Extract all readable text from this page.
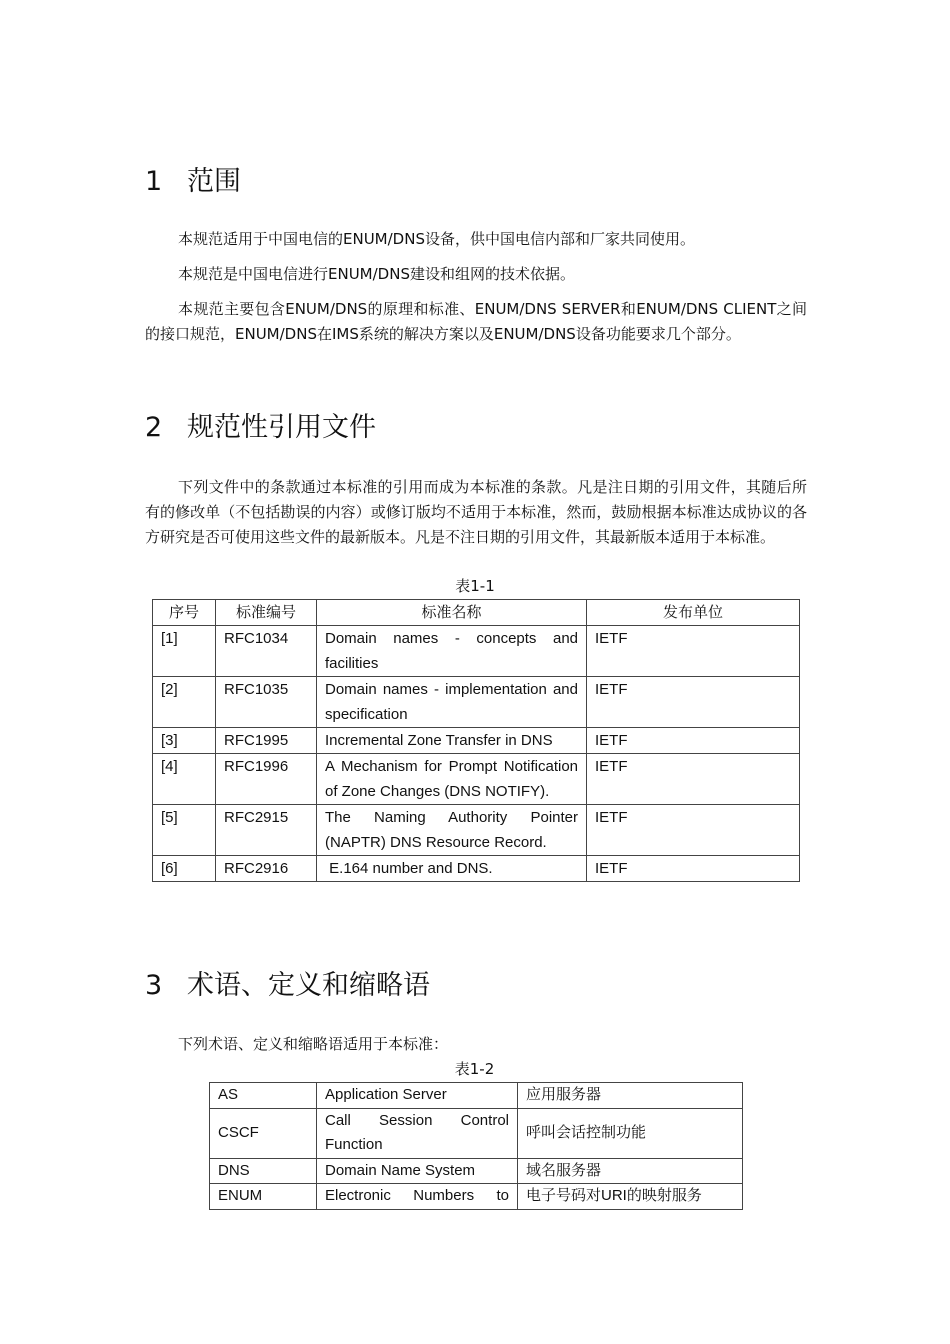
1 范围
本规范适用于中国电信的ENUM/DNS设备，供中国电信内部和厂家共同使用。
本规范是中国电信进行ENUM/DNS建设和组网的技术依据。
本规范主要包含ENUM/DNS的原理和标准、ENUM/DNS SERVER和ENUM/DNS CLIENT之间的接口规范，ENUM/DNS在IMS系统的解决方案以及ENUM/DNS设备功能要求几个部分。
2 规范性引用文件
下列文件中的条款通过本标准的引用而成为本标准的条款。凡是注日期的引用文件，其随后所有的修改单（不包括勘误的内容）或修订版均不适用于本标准，然而，鼓励根据本标准达成协议的各方研究是否可使用这些文件的最新版本。凡是不注日期的引用文件，其最新版本适用于本标准。
表1-1
序号	标准编号	标准名称	发布单位
[1]	RFC1034	Domain names - concepts and facilities	IETF
[2]	RFC1035	Domain names - implementation and specification	IETF
[3]	RFC1995	Incremental Zone Transfer in DNS	IETF
[4]	RFC1996	A Mechanism for Prompt Notification of Zone Changes (DNS NOTIFY).	IETF
[5]	RFC2915	The Naming Authority Pointer (NAPTR) DNS Resource Record.	IETF
[6]	RFC2916	E.164 number and DNS.	IETF
3 术语、定义和缩略语
下列术语、定义和缩略语适用于本标准：
表1-2
AS	Application Server	应用服务器
CSCF	Call Session Control Function	呼叫会话控制功能
DNS	Domain Name System	域名服务器
ENUM	Electronic Numbers to	电子号码对URI的映射服务
